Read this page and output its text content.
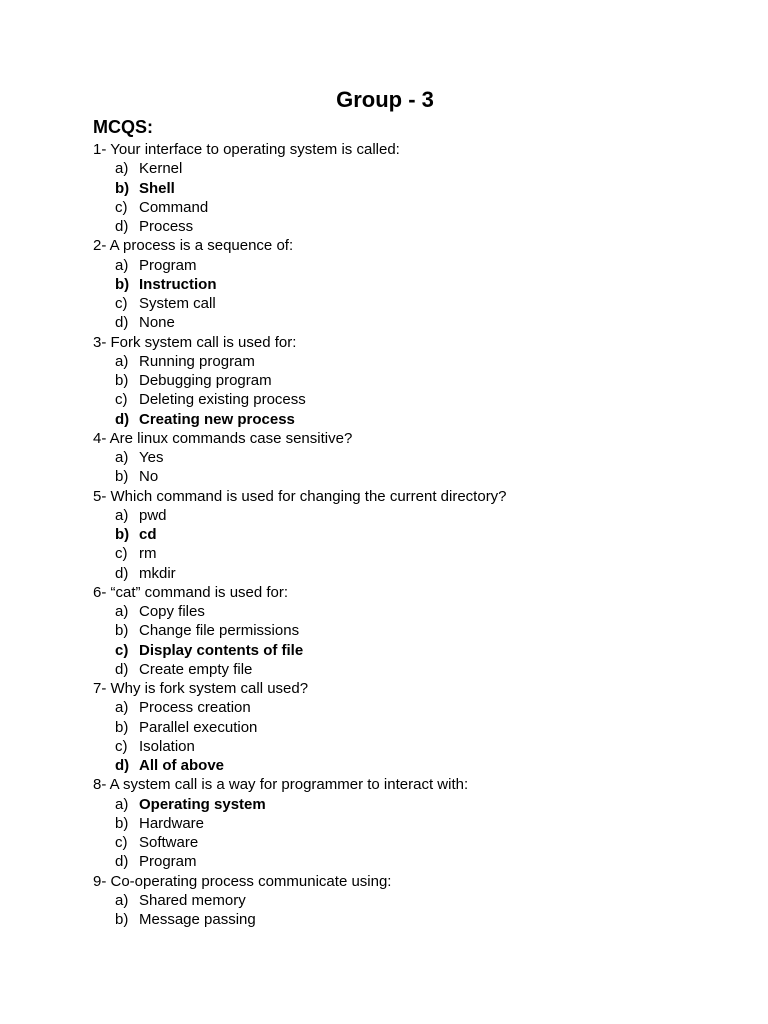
Group - 3
MCQS:
1- Your interface to operating system is called:
a) Kernel
b) Shell
c) Command
d) Process
2- A process is a sequence of:
a) Program
b) Instruction
c) System call
d) None
3- Fork system call is used for:
a) Running program
b) Debugging program
c) Deleting existing process
d) Creating new process
4- Are linux commands case sensitive?
a) Yes
b) No
5- Which command is used for changing the current directory?
a) pwd
b) cd
c) rm
d) mkdir
6- “cat” command is used for:
a) Copy files
b) Change file permissions
c) Display contents of file
d) Create empty file
7- Why is fork system call used?
a) Process creation
b) Parallel execution
c) Isolation
d) All of above
8- A system call is a way for programmer to interact with:
a) Operating system
b) Hardware
c) Software
d) Program
9- Co-operating process communicate using:
a) Shared memory
b) Message passing
